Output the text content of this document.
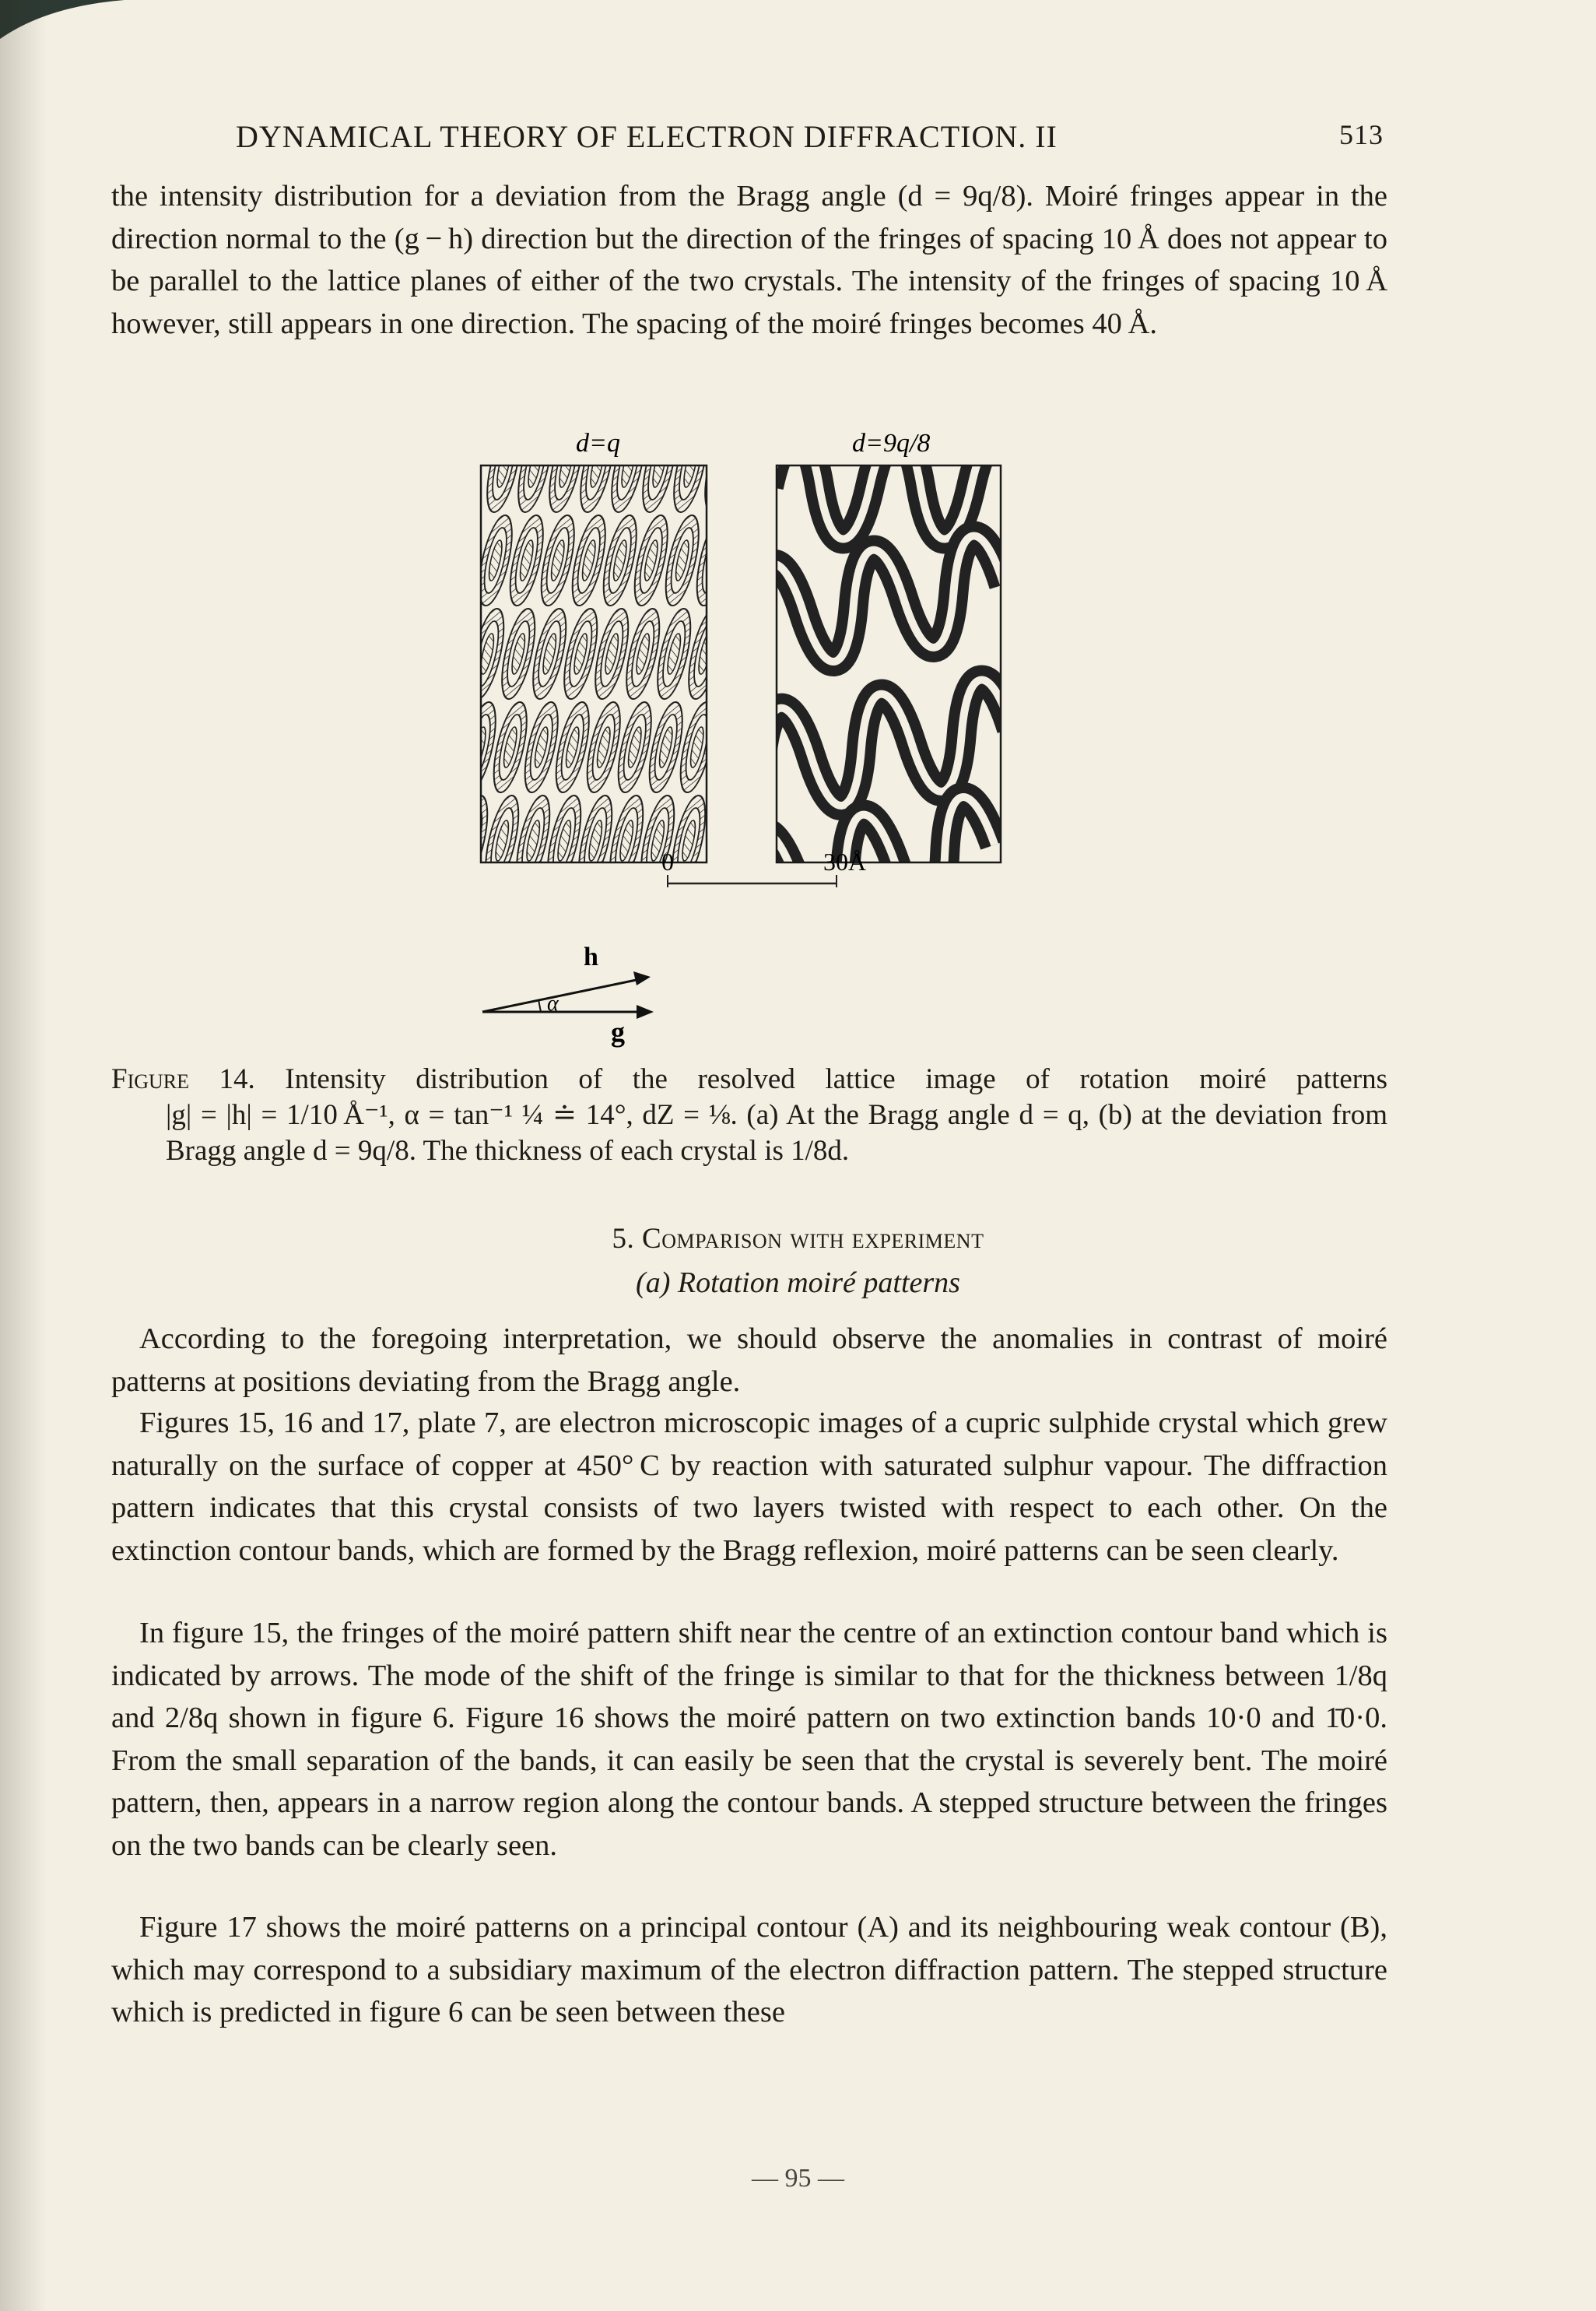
DYNAMICAL THEORY OF ELECTRON DIFFRACTION. II	513

the intensity distribution for a deviation from the Bragg angle (d = 9q/8). Moiré fringes appear in the direction normal to the (g − h) direction but the direction of the fringes of spacing 10 Å does not appear to be parallel to the lattice planes of either of the two crystals. The intensity of the fringes of spacing 10 Å however, still appears in one direction. The spacing of the moiré fringes becomes 40 Å.

d=q	d=9q/8
0	30Å
h
g
α

Figure 14. Intensity distribution of the resolved lattice image of rotation moiré patterns
|g| = |h| = 1/10 Å⁻¹, α = tan⁻¹ ¼ ≐ 14°, dZ = ⅛. (a) At the Bragg angle d = q, (b) at the deviation from Bragg angle d = 9q/8. The thickness of each crystal is 1/8d.

5. Comparison with experiment
(a) Rotation moiré patterns

According to the foregoing interpretation, we should observe the anomalies in contrast of moiré patterns at positions deviating from the Bragg angle.

Figures 15, 16 and 17, plate 7, are electron microscopic images of a cupric sulphide crystal which grew naturally on the surface of copper at 450° C by reaction with saturated sulphur vapour. The diffraction pattern indicates that this crystal consists of two layers twisted with respect to each other. On the extinction contour bands, which are formed by the Bragg reflexion, moiré patterns can be seen clearly.

In figure 15, the fringes of the moiré pattern shift near the centre of an extinction contour band which is indicated by arrows. The mode of the shift of the fringe is similar to that for the thickness between 1/8q and 2/8q shown in figure 6. Figure 16 shows the moiré pattern on two extinction bands 10·0 and 1̄0·0. From the small separation of the bands, it can easily be seen that the crystal is severely bent. The moiré pattern, then, appears in a narrow region along the contour bands. A stepped structure between the fringes on the two bands can be clearly seen.

Figure 17 shows the moiré patterns on a principal contour (A) and its neighbouring weak contour (B), which may correspond to a subsidiary maximum of the electron diffraction pattern. The stepped structure which is predicted in figure 6 can be seen between these

— 95 —
